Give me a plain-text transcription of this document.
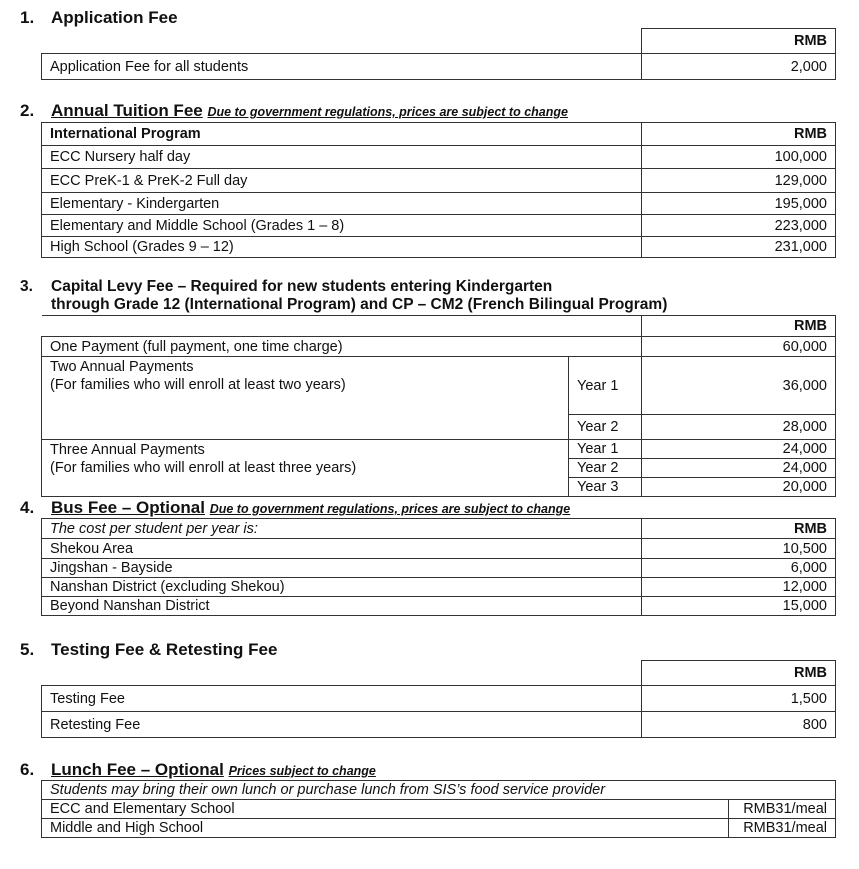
1. Application Fee
RMB
Application Fee for all students	2,000
2. Annual Tuition Fee Due to government regulations, prices are subject to change
International Program	RMB
ECC Nursery half day	100,000
ECC PreK-1 & PreK-2 Full day	129,000
Elementary - Kindergarten	195,000
Elementary and Middle School (Grades 1 – 8)	223,000
High School (Grades 9 – 12)	231,000
3. Capital Levy Fee – Required for new students entering Kindergarten
through Grade 12 (International Program) and CP – CM2 (French Bilingual Program)
		RMB
One Payment (full payment, one time charge)		60,000

Two Annual Payments
(For families who will enroll at least two years)	Year 1	36,000
	Year 2	28,000

Three Annual Payments
(For families who will enroll at least three years)	Year 1	24,000
	Year 2	24,000
	Year 3	20,000
4. Bus Fee – Optional Due to government regulations, prices are subject to change
The cost per student per year is:	RMB
Shekou Area	10,500
Jingshan - Bayside	6,000
Nanshan District (excluding Shekou)	12,000
Beyond Nanshan District	15,000
5. Testing Fee & Retesting Fee
RMB
Testing Fee	1,500
Retesting Fee	800
6. Lunch Fee – Optional Prices subject to change
Students may bring their own lunch or purchase lunch from SIS’s food service provider	
ECC and Elementary School	RMB31/meal
Middle and High School	RMB31/meal
